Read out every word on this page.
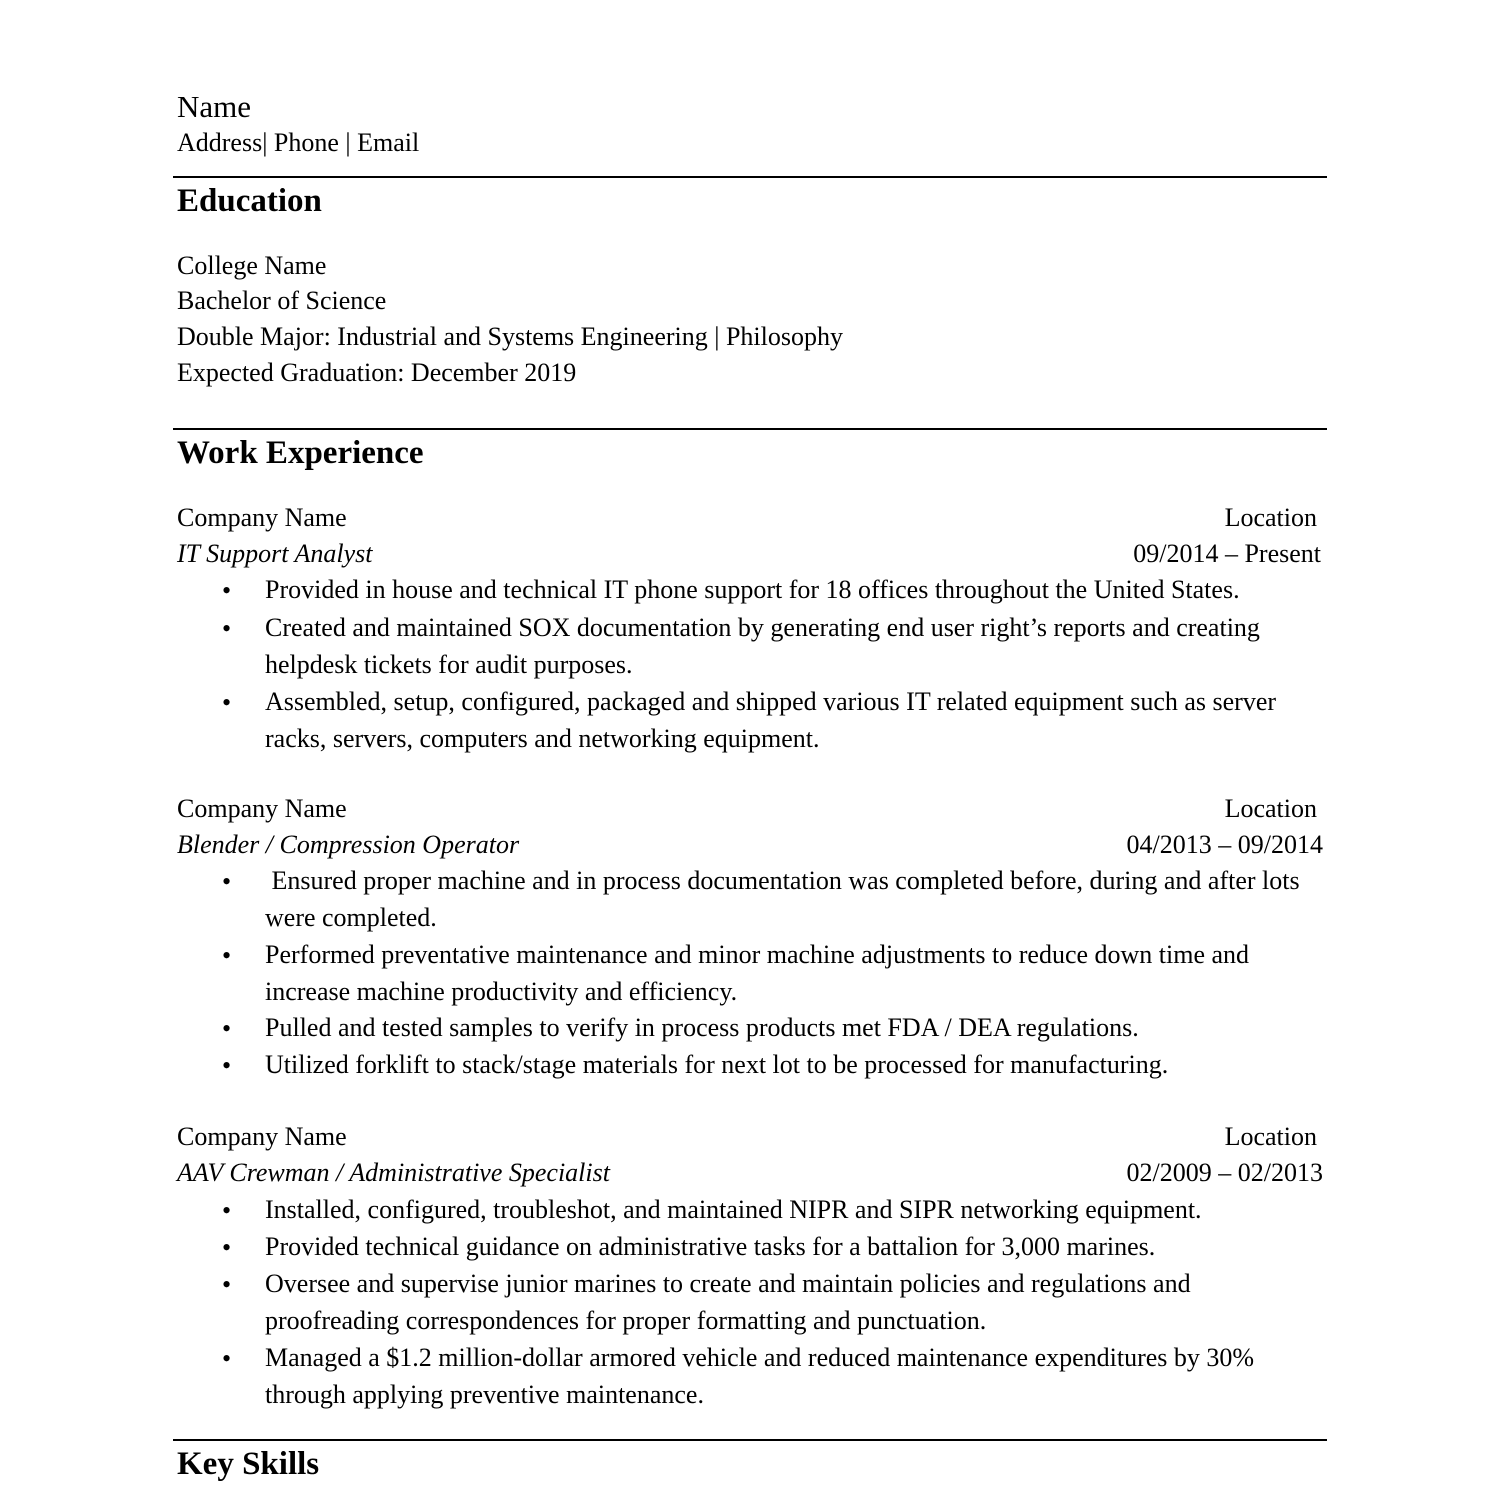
Name
Address| Phone | Email
Education
College Name
Bachelor of Science
Double Major: Industrial and Systems Engineering | Philosophy
Expected Graduation: December 2019
Work Experience
Company Name	Location
IT Support Analyst	09/2014 – Present
• Provided in house and technical IT phone support for 18 offices throughout the United States.
• Created and maintained SOX documentation by generating end user right’s reports and creating helpdesk tickets for audit purposes.
• Assembled, setup, configured, packaged and shipped various IT related equipment such as server racks, servers, computers and networking equipment.
Company Name	Location
Blender / Compression Operator	04/2013 – 09/2014
• Ensured proper machine and in process documentation was completed before, during and after lots were completed.
• Performed preventative maintenance and minor machine adjustments to reduce down time and increase machine productivity and efficiency.
• Pulled and tested samples to verify in process products met FDA / DEA regulations.
• Utilized forklift to stack/stage materials for next lot to be processed for manufacturing.
Company Name	Location
AAV Crewman / Administrative Specialist	02/2009 – 02/2013
• Installed, configured, troubleshot, and maintained NIPR and SIPR networking equipment.
• Provided technical guidance on administrative tasks for a battalion for 3,000 marines.
• Oversee and supervise junior marines to create and maintain policies and regulations and proofreading correspondences for proper formatting and punctuation.
• Managed a $1.2 million-dollar armored vehicle and reduced maintenance expenditures by 30% through applying preventive maintenance.
Key Skills
